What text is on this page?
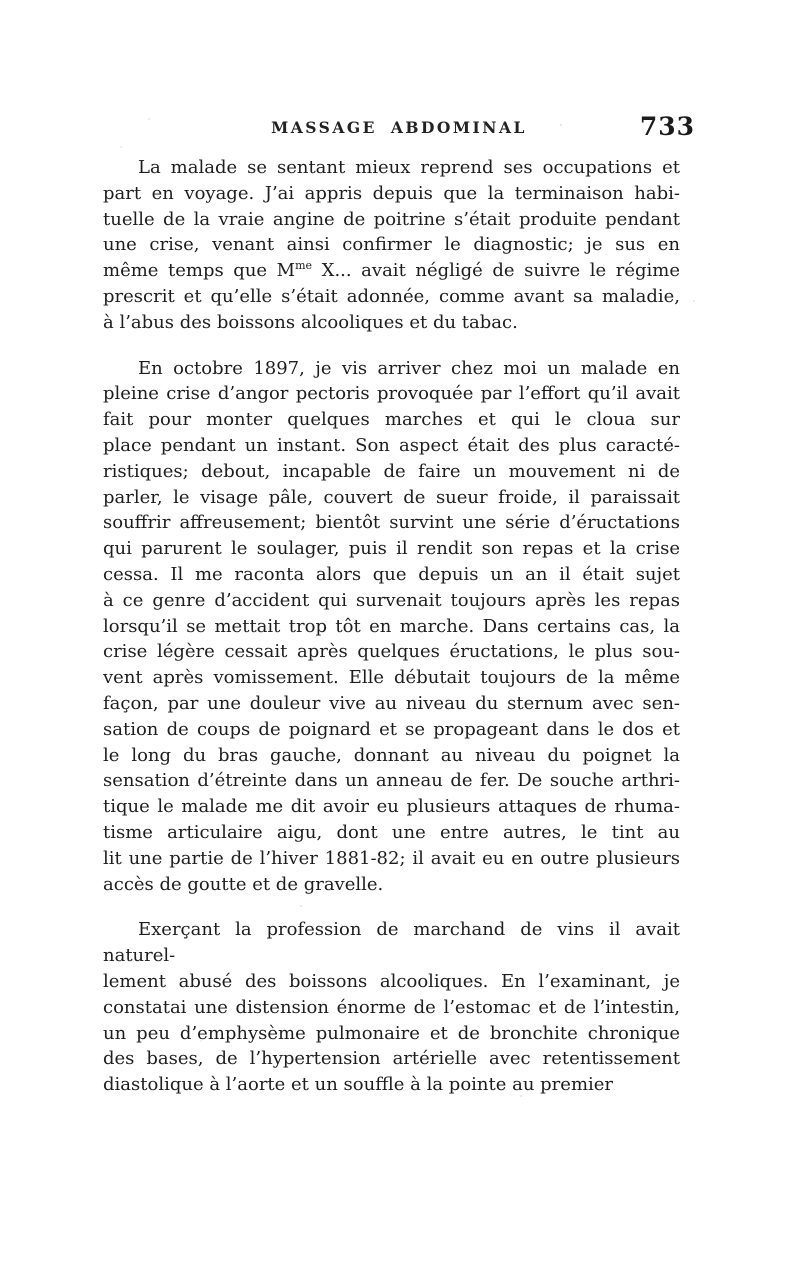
MASSAGE ABDOMINAL	733
La malade se sentant mieux reprend ses occupations et
part en voyage. J’ai appris depuis que la terminaison habi-
tuelle de la vraie angine de poitrine s’était produite pendant
une crise, venant ainsi confirmer le diagnostic; je sus en
même temps que $M^{me}$ X... avait négligé de suivre le régime
prescrit et qu’elle s’était adonnée, comme avant sa maladie,
à l’abus des boissons alcooliques et du tabac.
En octobre 1897, je vis arriver chez moi un malade en
pleine crise d’angor pectoris provoquée par l’effort qu’il avait
fait pour monter quelques marches et qui le cloua sur
place pendant un instant. Son aspect était des plus caracté-
ristiques; debout, incapable de faire un mouvement ni de
parler, le visage pâle, couvert de sueur froide, il paraissait
souffrir affreusement; bientôt survint une série d’éructations
qui parurent le soulager, puis il rendit son repas et la crise
cessa. Il me raconta alors que depuis un an il était sujet
à ce genre d’accident qui survenait toujours après les repas
lorsqu’il se mettait trop tôt en marche. Dans certains cas, la
crise légère cessait après quelques éructations, le plus sou-
vent après vomissement. Elle débutait toujours de la même
façon, par une douleur vive au niveau du sternum avec sen-
sation de coups de poignard et se propageant dans le dos et
le long du bras gauche, donnant au niveau du poignet la
sensation d’étreinte dans un anneau de fer. De souche arthri-
tique le malade me dit avoir eu plusieurs attaques de rhuma-
tisme articulaire aigu, dont une entre autres, le tint au
lit une partie de l’hiver 1881-82; il avait eu en outre plusieurs
accès de goutte et de gravelle.
Exerçant la profession de marchand de vins il avait naturel-
lement abusé des boissons alcooliques. En l’examinant, je
constatai une distension énorme de l’estomac et de l’intestin,
un peu d’emphysème pulmonaire et de bronchite chronique
des bases, de l’hypertension artérielle avec retentissement
diastolique à l’aorte et un souffle à la pointe au premier
